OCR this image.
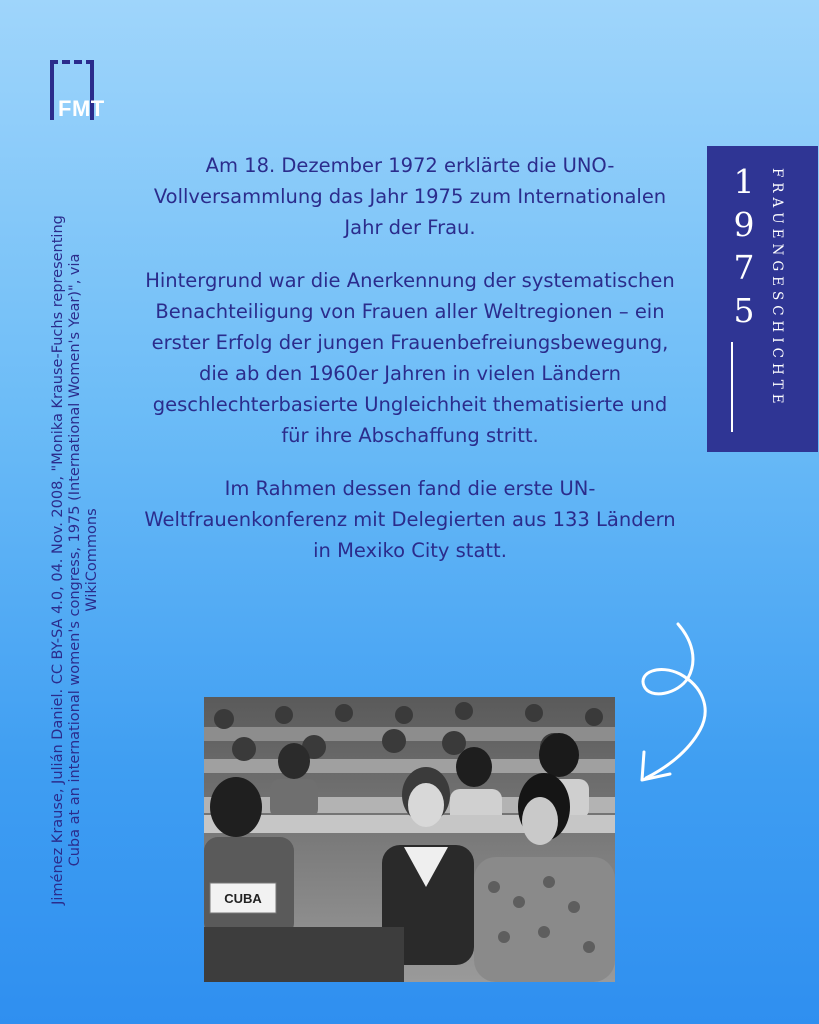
FMT
Jiménez Krause, Julián Daniel. CC BY-SA 4.0, 04. Nov. 2008, "Monika Krause-Fuchs representing Cuba at an international women's congress, 1975 (International Women's Year)", via WikiCommons

Am 18. Dezember 1972 erklärte die UNO-Vollversammlung das Jahr 1975 zum Internationalen Jahr der Frau.

Hintergrund war die Anerkennung der systematischen Benachteiligung von Frauen aller Weltregionen – ein erster Erfolg der jungen Frauenbefreiungsbewegung, die ab den 1960er Jahren in vielen Ländern geschlechterbasierte Ungleichheit thematisierte und für ihre Abschaffung stritt.

Im Rahmen dessen fand die erste UN-Weltfrauenkonferenz mit Delegierten aus 133 Ländern in Mexiko City statt.

1
9
7
5	FRAUENGESCHICHTE
CUBA
